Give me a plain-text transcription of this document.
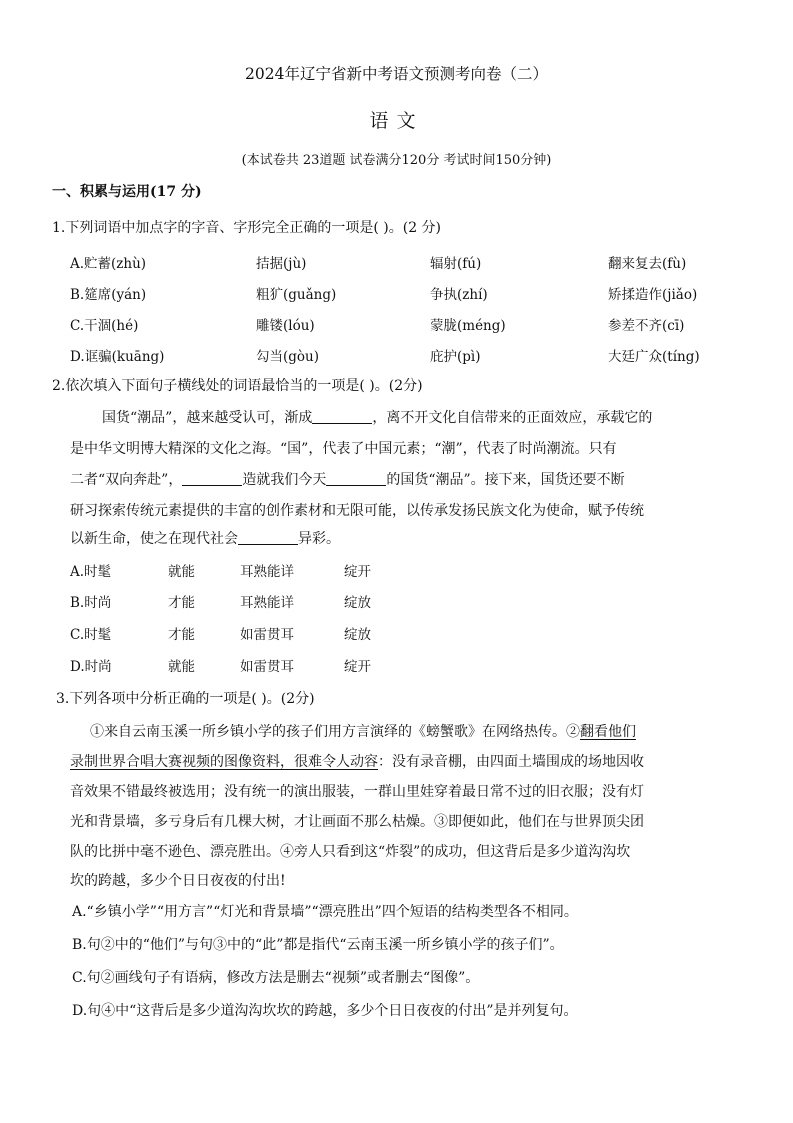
2024年辽宁省新中考语文预测考向卷（二）
语文
(本试卷共 23道题 试卷满分120分 考试时间150分钟)
一、积累与运用(17 分)
1.下列词语中加点字的字音、字形完全正确的一项是( )。(2 分)
A.贮蓄(zhù)	拮据(jù)	辐射(fú)	翻来复去(fù)
B.筵席(yán)	粗犷(guǎng)	争执(zhí)	矫揉造作(jiǎo)
C.干涸(hé)	雕镂(lóu)	蒙胧(méng)	参差不齐(cī)
D.诓骗(kuāng)	勾当(gòu)	庇护(pì)	大廷广众(tíng)
2.依次填入下面句子横线处的词语最恰当的一项是( )。(2分)
国货“潮品”，越来越受认可，渐成	，离不开文化自信带来的正面效应，承载它的
是中华文明博大精深的文化之海。“国”，代表了中国元素；“潮”，代表了时尚潮流。只有
二者“双向奔赴”，	造就我们今天	的国货“潮品”。接下来，国货还要不断
研习探索传统元素提供的丰富的创作素材和无限可能，以传承发扬民族文化为使命，赋予传统
以新生命，使之在现代社会	异彩。
A.时髦	就能	耳熟能详	绽开
B.时尚	才能	耳熟能详	绽放
C.时髦	才能	如雷贯耳	绽放
D.时尚	就能	如雷贯耳	绽开
3.下列各项中分析正确的一项是( )。(2分)
①来自云南玉溪一所乡镇小学的孩子们用方言演绎的《螃蟹歌》在网络热传。②翻看他们
录制世界合唱大赛视频的图像资料，很难令人动容：没有录音棚，由四面土墙围成的场地因收
音效果不错最终被选用；没有统一的演出服装，一群山里娃穿着最日常不过的旧衣服；没有灯
光和背景墙，多亏身后有几棵大树，才让画面不那么枯燥。③即便如此，他们在与世界顶尖团
队的比拼中毫不逊色、漂亮胜出。④旁人只看到这“炸裂”的成功，但这背后是多少道沟沟坎
坎的跨越，多少个日日夜夜的付出!
A.“乡镇小学”“用方言”“灯光和背景墙”“漂亮胜出”四个短语的结构类型各不相同。
B.句②中的“他们”与句③中的“此”都是指代“云南玉溪一所乡镇小学的孩子们”。
C.句②画线句子有语病，修改方法是删去“视频”或者删去“图像”。
D.句④中“这背后是多少道沟沟坎坎的跨越，多少个日日夜夜的付出”是并列复句。
